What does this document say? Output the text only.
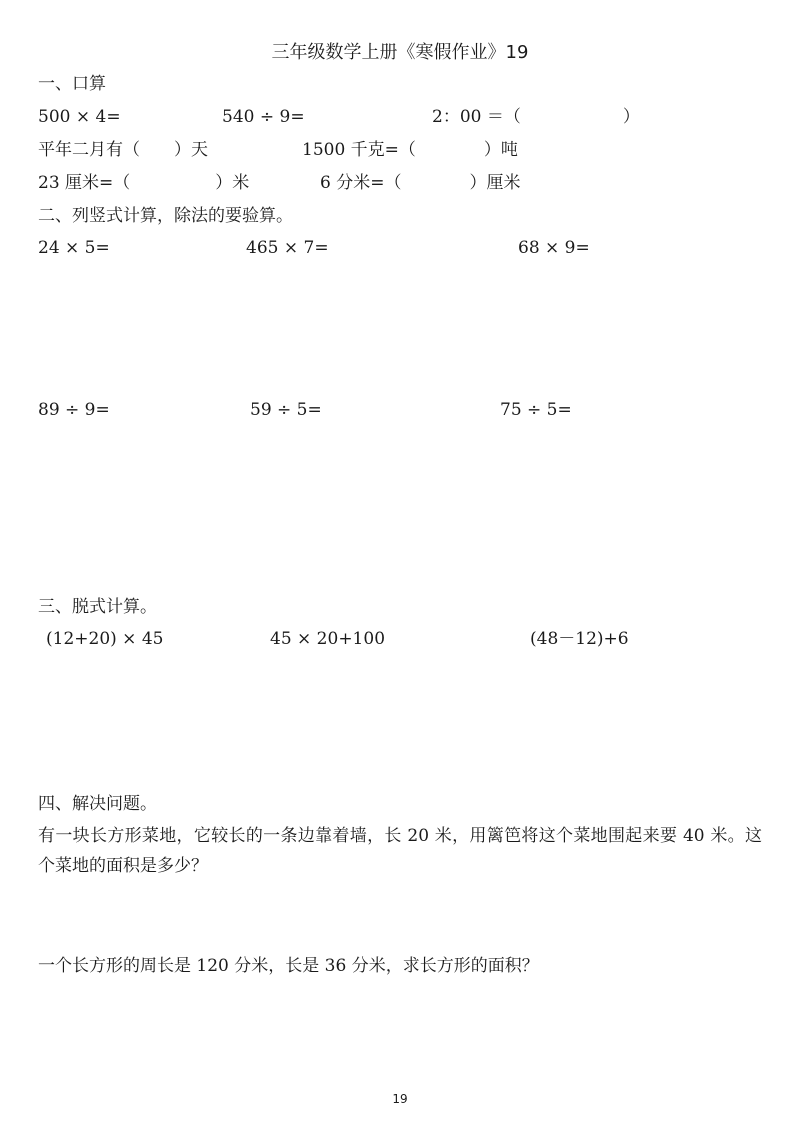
三年级数学上册《寒假作业》19
一、口算
500 × 4=	540 ÷ 9=	2：00 ＝（　　　　　　）
平年二月有（　　）天	1500 千克=（　　　　）吨
23 厘米=（　　　　　）米	6 分米=（　　　　）厘米
二、列竖式计算，除法的要验算。
24 × 5=	465 × 7=	68 × 9=
89 ÷ 9=	59 ÷ 5=	75 ÷ 5=
三、脱式计算。
(12+20) × 45	45 × 20+100	(48－12)+6
四、解决问题。
有一块长方形菜地，它较长的一条边靠着墙，长 20 米，用篱笆将这个菜地围起来要 40 米。这个菜地的面积是多少？
一个长方形的周长是 120 分米，长是 36 分米，求长方形的面积？
19
